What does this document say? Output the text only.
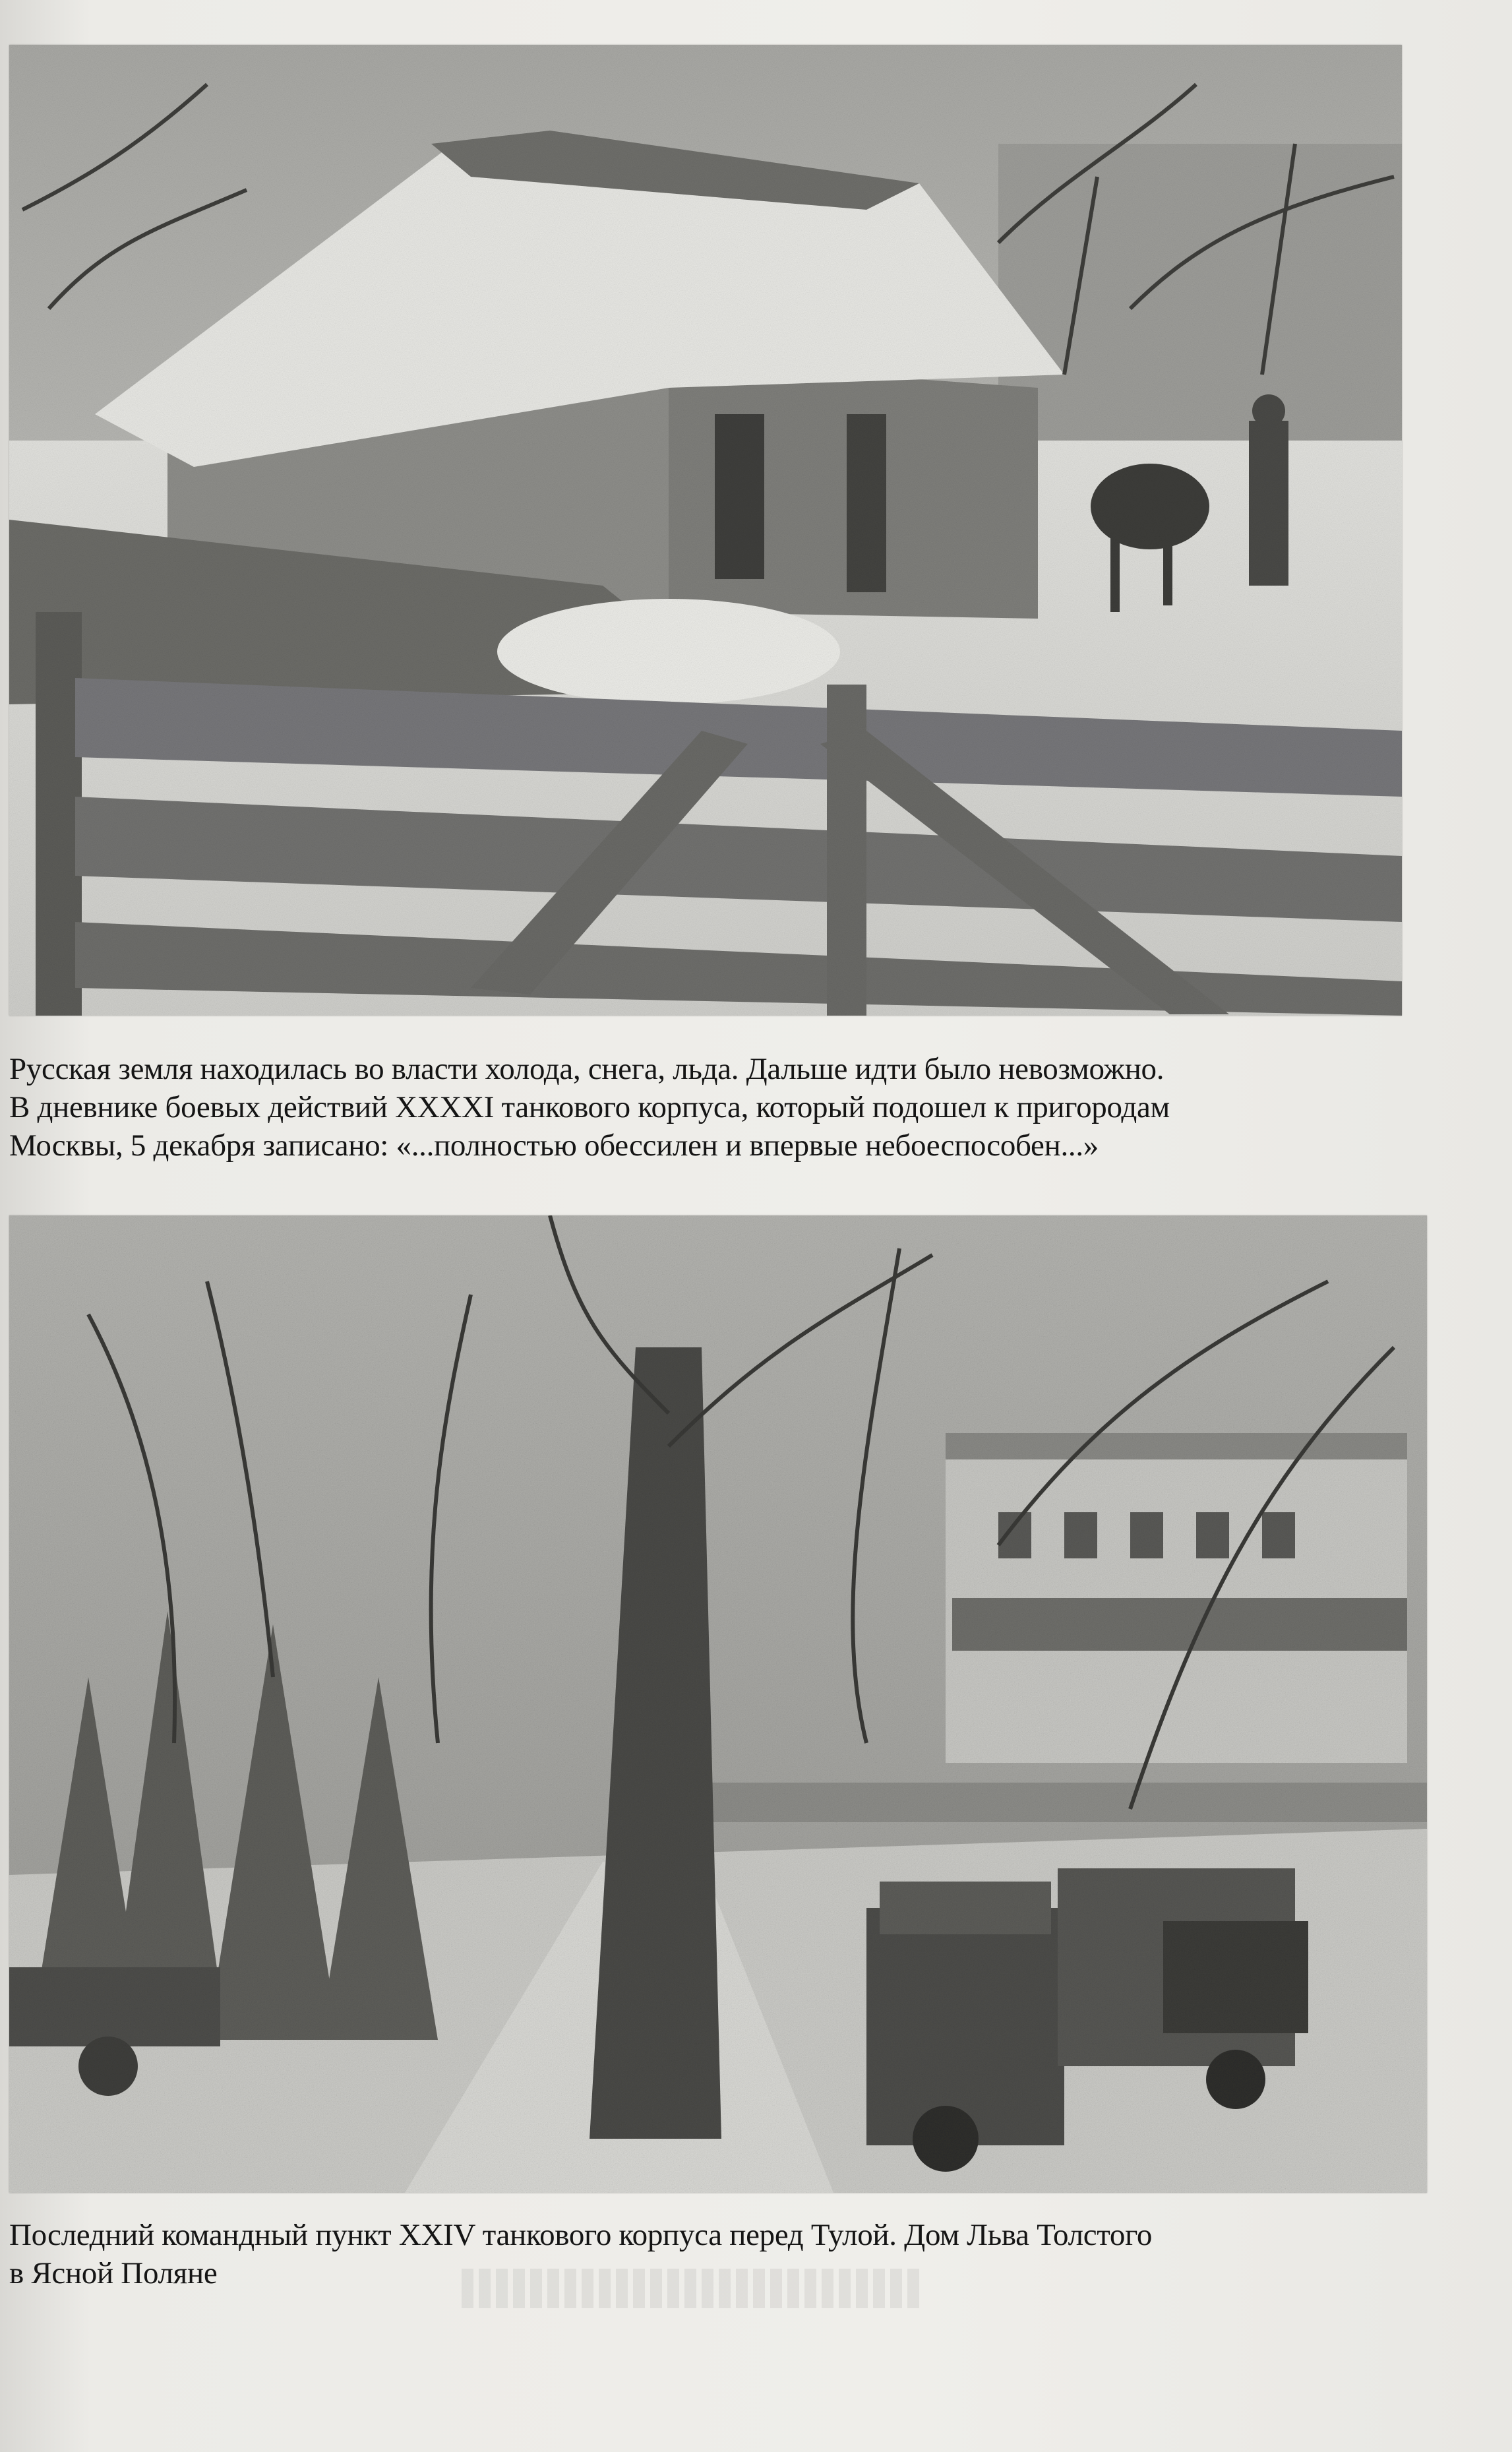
Русская земля находилась во власти холода, снега, льда. Дальше идти было невозможно.
В дневнике боевых действий XXXXI танкового корпуса, который подошел к пригородам
Москвы, 5 декабря записано: «...полностью обессилен и впервые небоеспособен...»
Последний командный пункт XXIV танкового корпуса перед Тулой. Дом Льва Толстого
в Ясной Поляне
